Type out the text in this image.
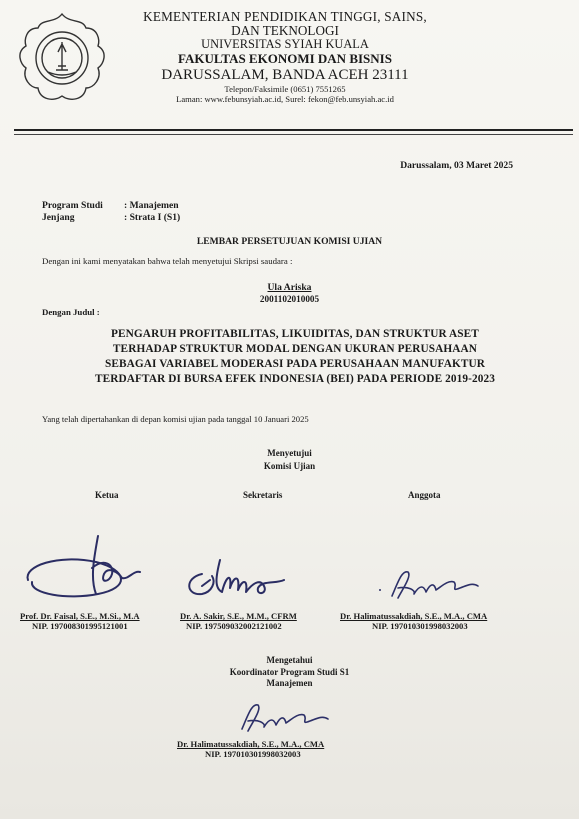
KEMENTERIAN PENDIDIKAN TINGGI, SAINS,
DAN TEKNOLOGI
UNIVERSITAS SYIAH KUALA
FAKULTAS EKONOMI DAN BISNIS
DARUSSALAM, BANDA ACEH 23111
Telepon/Faksimile (0651) 7551265
Laman: www.febunsyiah.ac.id, Surel: fekon@feb.unsyiah.ac.id
Darussalam, 03 Maret 2025
Program Studi : Manajemen
Jenjang	: Strata I (S1)
LEMBAR PERSETUJUAN KOMISI UJIAN
Dengan ini kami menyatakan bahwa telah menyetujui Skripsi saudara :
Ula Ariska
2001102010005
Dengan Judul :
PENGARUH PROFITABILITAS, LIKUIDITAS, DAN STRUKTUR ASET
TERHADAP STRUKTUR MODAL DENGAN UKURAN PERUSAHAAN
SEBAGAI VARIABEL MODERASI PADA PERUSAHAAN MANUFAKTUR
TERDAFTAR DI BURSA EFEK INDONESIA (BEI) PADA PERIODE 2019-2023
Yang telah dipertahankan di depan komisi ujian pada tanggal 10 Januari 2025
Menyetujui
Komisi Ujian
Ketua	Sekretaris	Anggota
Prof. Dr. Faisal, S.E., M.Si., M.A
NIP. 197008301995121001
Dr. A. Sakir, S.E., M.M., CFRM
NIP. 197509032002121002
Dr. Halimatussakdiah, S.E., M.A., CMA
NIP. 197010301998032003
Mengetahui
Koordinator Program Studi S1
Manajemen
Dr. Halimatussakdiah, S.E., M.A., CMA
NIP. 197010301998032003
